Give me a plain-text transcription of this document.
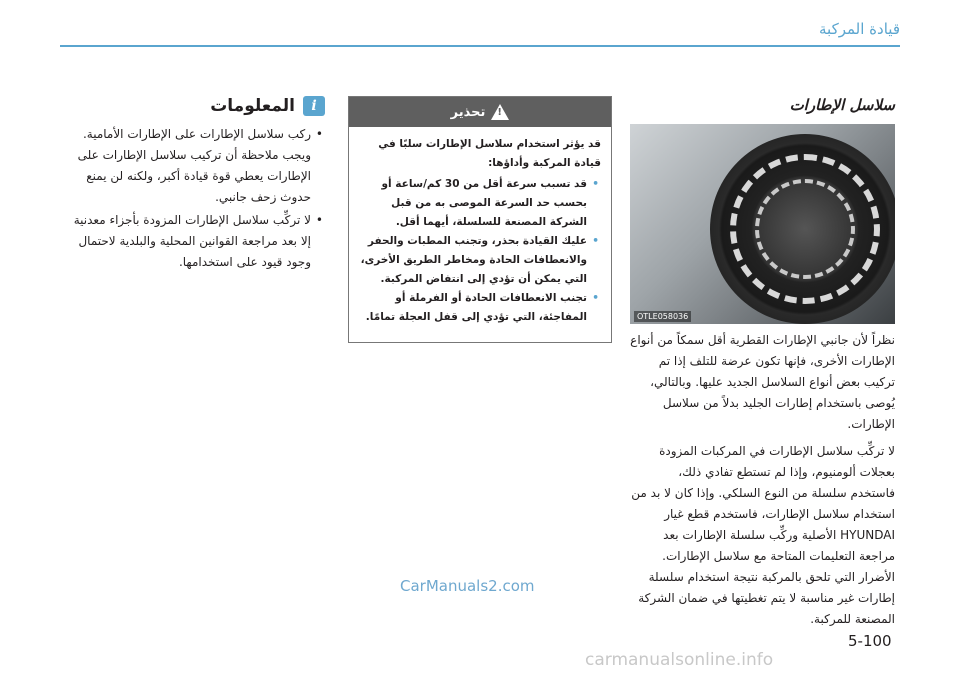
قيادة المركبة
سلاسل الإطارات
OTLE058036

نظراً لأن جانبي الإطارات القطرية أقل سمكاً من أنواع الإطارات الأخرى، فإنها تكون عرضة للتلف إذا تم تركيب بعض أنواع السلاسل الجديد عليها. وبالتالي، يُوصى باستخدام إطارات الجليد بدلاً من سلاسل الإطارات.

لا تركِّب سلاسل الإطارات في المركبات المزودة بعجلات ألومنيوم، وإذا لم تستطع تفادي ذلك، فاستخدم سلسلة من النوع السلكي. وإذا كان لا بد من استخدام سلاسل الإطارات، فاستخدم قطع غيار HYUNDAI الأصلية وركِّب سلسلة الإطارات بعد مراجعة التعليمات المتاحة مع سلاسل الإطارات. الأضرار التي تلحق بالمركبة نتيجة استخدام سلسلة إطارات غير مناسبة لا يتم تغطيتها في ضمان الشركة المصنعة للمركبة.

!
تحذير

قد يؤثر استخدام سلاسل الإطارات سلبًا في قيادة المركبة وأداؤها:

• قد تسبب سرعة أقل من 30 كم/ساعة أو بحسب حد السرعة الموصى به من قبل الشركة المصنعة للسلسلة، أيهما أقل.
• عليك القيادة بحذر، وتجنب المطبات والحفر والانعطافات الحادة ومخاطر الطريق الأخرى، التي يمكن أن تؤدي إلى انتفاض المركبة.
• تجنب الانعطافات الحادة أو الفرملة أو المفاجئة، التي تؤدي إلى قفل العجلة تمامًا.
i
المعلومات
• ركب سلاسل الإطارات على الإطارات الأمامية. ويجب ملاحظة أن تركيب سلاسل الإطارات على الإطارات يعطي قوة قيادة أكبر، ولكنه لن يمنع حدوث زحف جانبي.
• لا تركِّب سلاسل الإطارات المزودة بأجزاء معدنية إلا بعد مراجعة القوانين المحلية والبلدية لاحتمال وجود قيود على استخدامها.
CarManuals2.com
5-100
carmanualsonline.info
